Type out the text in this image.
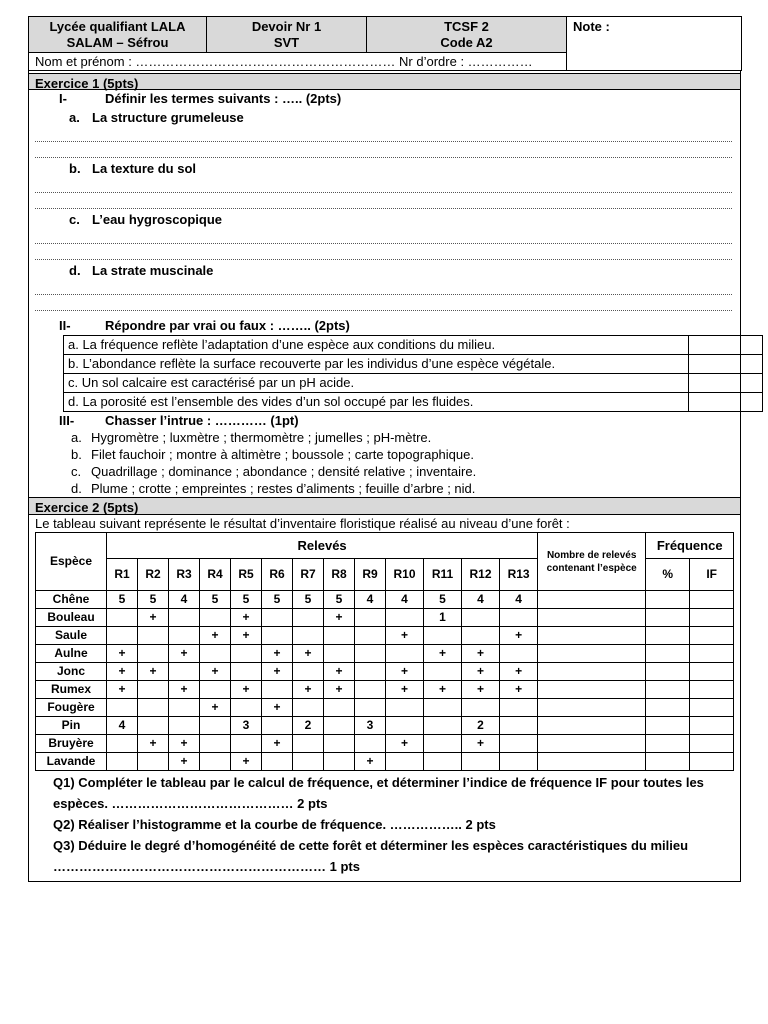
Lycée qualifiant LALA
SALAM – Séfrou

Devoir Nr 1
SVT

TCSF 2
Code A2
	Note :
Nom et prénom : …………………………………………………… Nr d’ordre : ……………
Exercice 1 (5pts)
I-	Définir les termes suivants : ….. (2pts)
a. La structure grumeleuse
b. La texture du sol
c. L’eau hygroscopique
d. La strate muscinale
II-	Répondre par vrai ou faux : …….. (2pts)
a. La fréquence reflète l’adaptation d’une espèce aux conditions du milieu.	
b. L’abondance reflète la surface recouverte par les individus d’une espèce végétale.	
c. Un sol calcaire est caractérisé par un pH acide.	
d. La porosité est l’ensemble des vides d’un sol occupé par les fluides.	
III- Chasser l’intrue : ………… (1pt)
a. Hygromètre ; luxmètre ; thermomètre ; jumelles ; pH-mètre.
b. Filet fauchoir ; montre à altimètre ; boussole ; carte topographique.
c. Quadrillage ; dominance ; abondance ; densité relative ; inventaire.
d. Plume ; crotte ; empreintes ; restes d’aliments ; feuille d’arbre ; nid.
Exercice 2 (5pts)
Le tableau suivant représente le résultat d’inventaire floristique réalisé au niveau d’une forêt :
Espèce	Relevés													Nombre de relevés contenant l’espèce	Fréquence	
	R1	R2	R3	R4	R5	R6	R7	R8	R9	R10	R11	R12	R13		%	IF
Chêne	5	5	4	5	5	5	5	5	4	4	5	4	4			
Bouleau		+			+			+			1					
Saule				+	+					+			+			
Aulne	+		+			+	+				+	+				
Jonc	+	+		+		+		+		+		+	+			
Rumex	+		+		+		+	+		+	+	+	+			
Fougère				+		+										
Pin	4				3		2		3			2				
Bruyère		+	+			+				+		+				
Lavande			+		+				+							
Q1) Compléter le tableau par le calcul de fréquence, et déterminer l’indice de fréquence IF pour toutes les espèces. …………………………………… 2 pts
Q2) Réaliser l’histogramme et la courbe de fréquence. …………….. 2 pts
Q3) Déduire le degré d’homogénéité de cette forêt et déterminer les espèces caractéristiques du milieu ……………………………………………………… 1 pts
